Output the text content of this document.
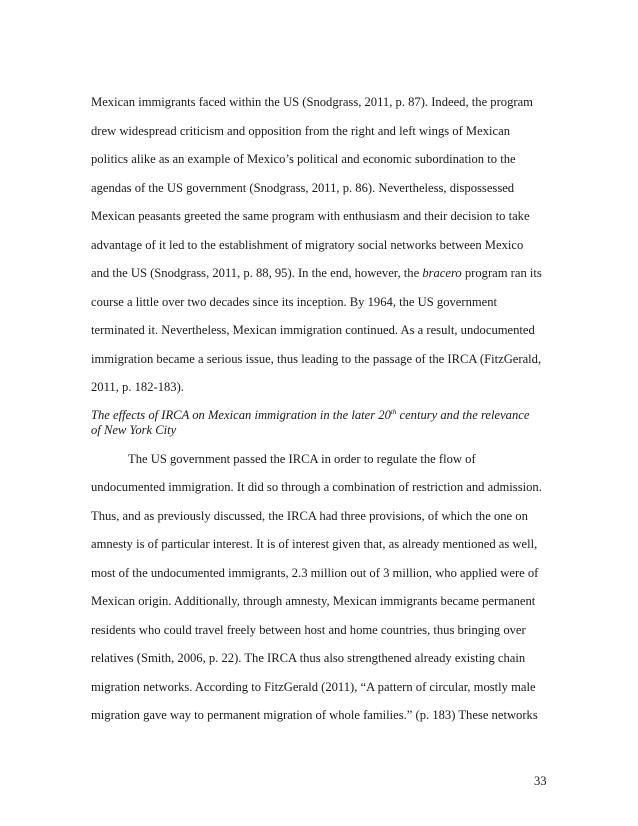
Mexican immigrants faced within the US (Snodgrass, 2011, p. 87). Indeed, the program
drew widespread criticism and opposition from the right and left wings of Mexican
politics alike as an example of Mexico’s political and economic subordination to the
agendas of the US government (Snodgrass, 2011, p. 86). Nevertheless, dispossessed
Mexican peasants greeted the same program with enthusiasm and their decision to take
advantage of it led to the establishment of migratory social networks between Mexico
and the US (Snodgrass, 2011, p. 88, 95). In the end, however, the bracero program ran its
course a little over two decades since its inception. By 1964, the US government
terminated it. Nevertheless, Mexican immigration continued. As a result, undocumented
immigration became a serious issue, thus leading to the passage of the IRCA (FitzGerald,
2011, p. 182-183).
The effects of IRCA on Mexican immigration in the later 20th century and the relevance
of New York City
The US government passed the IRCA in order to regulate the flow of
undocumented immigration. It did so through a combination of restriction and admission.
Thus, and as previously discussed, the IRCA had three provisions, of which the one on
amnesty is of particular interest. It is of interest given that, as already mentioned as well,
most of the undocumented immigrants, 2.3 million out of 3 million, who applied were of
Mexican origin. Additionally, through amnesty, Mexican immigrants became permanent
residents who could travel freely between host and home countries, thus bringing over
relatives (Smith, 2006, p. 22). The IRCA thus also strengthened already existing chain
migration networks. According to FitzGerald (2011), “A pattern of circular, mostly male
migration gave way to permanent migration of whole families.” (p. 183) These networks
33
